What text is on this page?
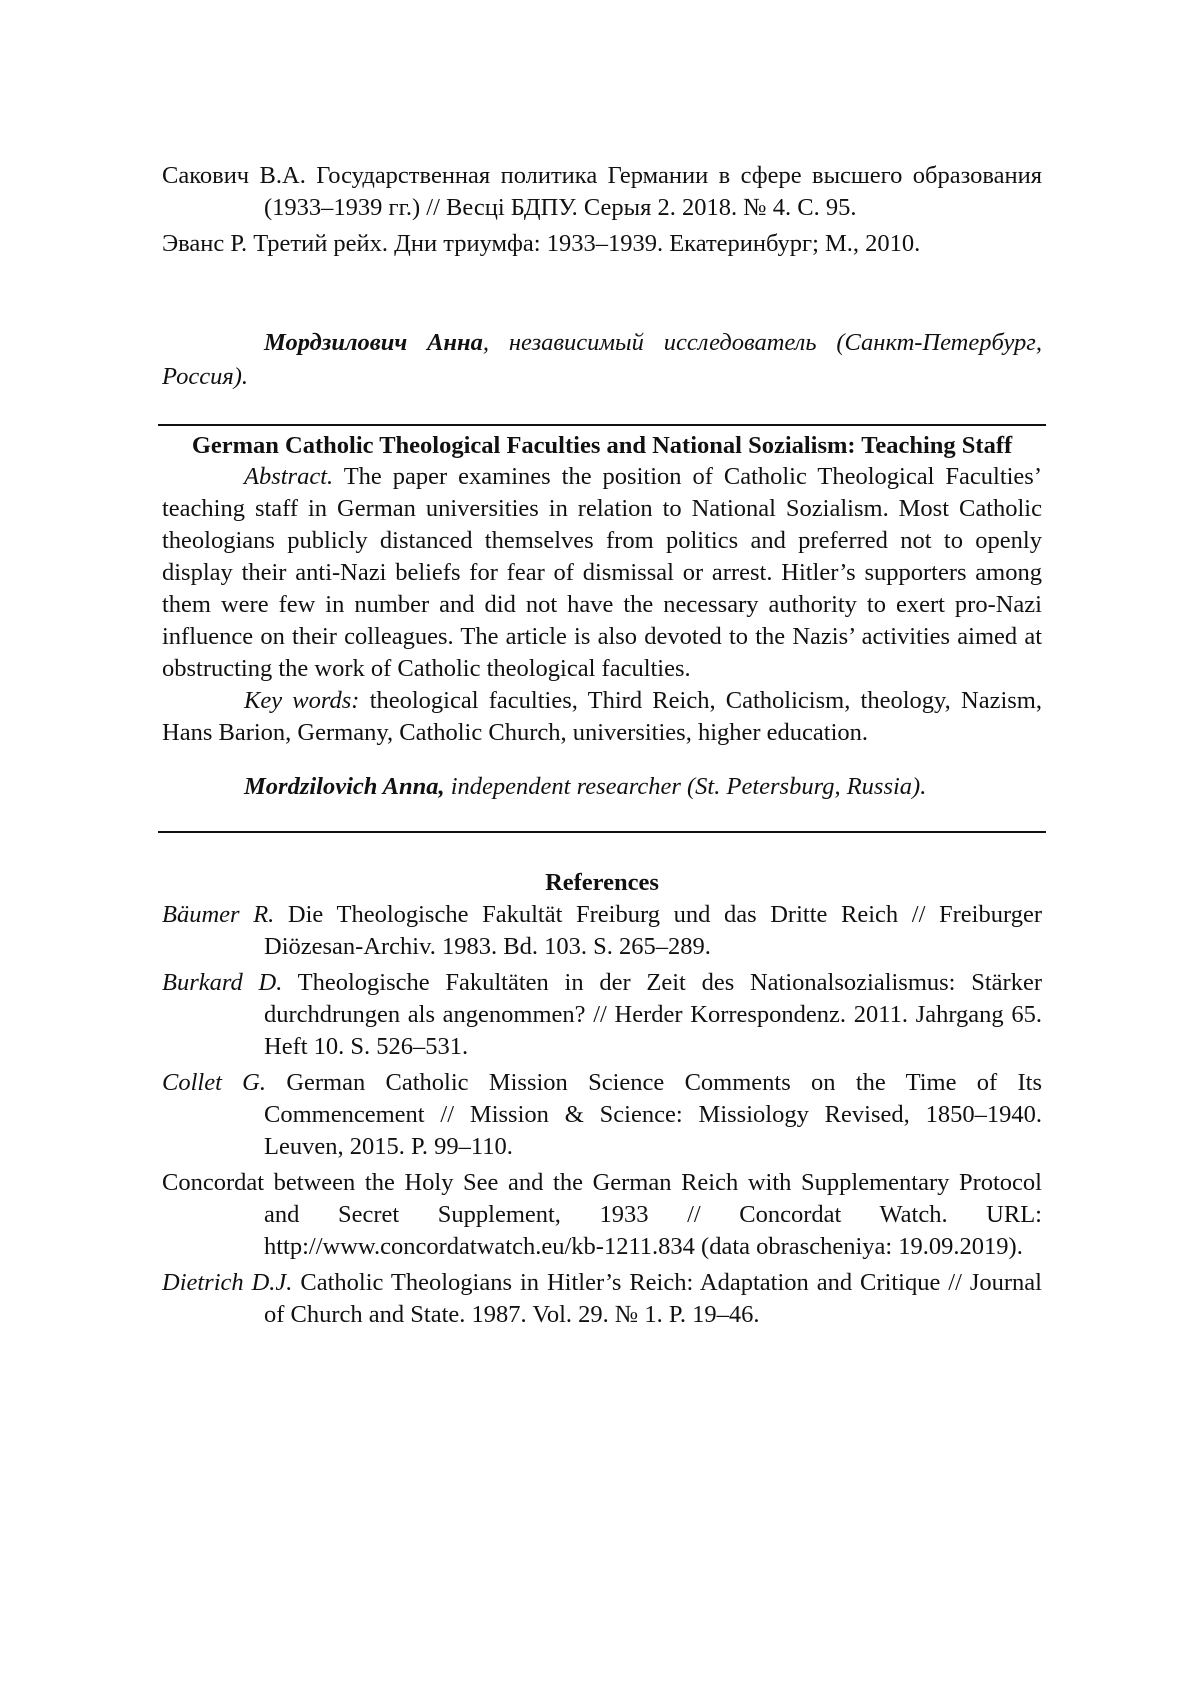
Сакович В.А. Государственная политика Германии в сфере высшего образования (1933–1939 гг.) // Весці БДПУ. Серыя 2. 2018. № 4. С. 95.

Эванс Р. Третий рейх. Дни триумфа: 1933–1939. Екатеринбург; М., 2010.

Мордзилович Анна, независимый исследователь (Санкт-Петербург, Россия).

German Catholic Theological Faculties and National Sozialism: Teaching Staff

Abstract. The paper examines the position of Catholic Theological Faculties’ teaching staff in German universities in relation to National Sozialism. Most Catholic theologians publicly distanced themselves from politics and preferred not to openly display their anti-Nazi beliefs for fear of dismissal or arrest. Hitler’s supporters among them were few in number and did not have the necessary authority to exert pro-Nazi influence on their colleagues. The article is also devoted to the Nazis’ activities aimed at obstructing the work of Catholic theological faculties.

Key words: theological faculties, Third Reich, Catholicism, theology, Nazism, Hans Barion, Germany, Catholic Church, universities, higher education.

Mordzilovich Anna, independent researcher (St. Petersburg, Russia).

References

Bäumer R. Die Theologische Fakultät Freiburg und das Dritte Reich // Freiburger Diözesan-Archiv. 1983. Bd. 103. S. 265–289.

Burkard D. Theologische Fakultäten in der Zeit des Nationalsozialismus: Stärker durchdrungen als angenommen? // Herder Korrespondenz. 2011. Jahrgang 65. Heft 10. S. 526–531.

Collet G. German Catholic Mission Science Comments on the Time of Its Commencement // Mission & Science: Missiology Revised, 1850–1940. Leuven, 2015. P. 99–110.

Concordat between the Holy See and the German Reich with Supplementary Protocol and Secret Supplement, 1933 // Concordat Watch. URL: http://www.concordatwatch.eu/kb-1211.834 (data obrascheniya: 19.09.2019).

Dietrich D.J. Catholic Theologians in Hitler’s Reich: Adaptation and Critique // Journal of Church and State. 1987. Vol. 29. № 1. P. 19–46.
